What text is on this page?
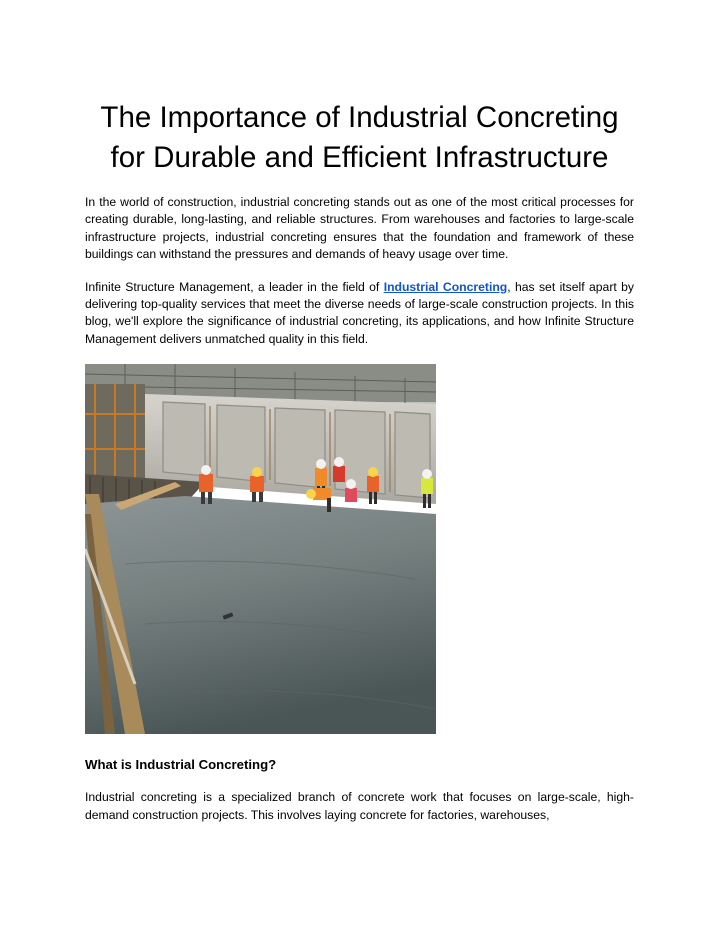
The Importance of Industrial Concreting
for Durable and Efficient Infrastructure

In the world of construction, industrial concreting stands out as one of the most critical processes for creating durable, long-lasting, and reliable structures. From warehouses and factories to large-scale infrastructure projects, industrial concreting ensures that the foundation and framework of these buildings can withstand the pressures and demands of heavy usage over time.

Infinite Structure Management, a leader in the field of Industrial Concreting, has set itself apart by delivering top-quality services that meet the diverse needs of large-scale construction projects. In this blog, we'll explore the significance of industrial concreting, its applications, and how Infinite Structure Management delivers unmatched quality in this field.

What is Industrial Concreting?

Industrial concreting is a specialized branch of concrete work that focuses on large-scale, high-demand construction projects. This involves laying concrete for factories, warehouses,
